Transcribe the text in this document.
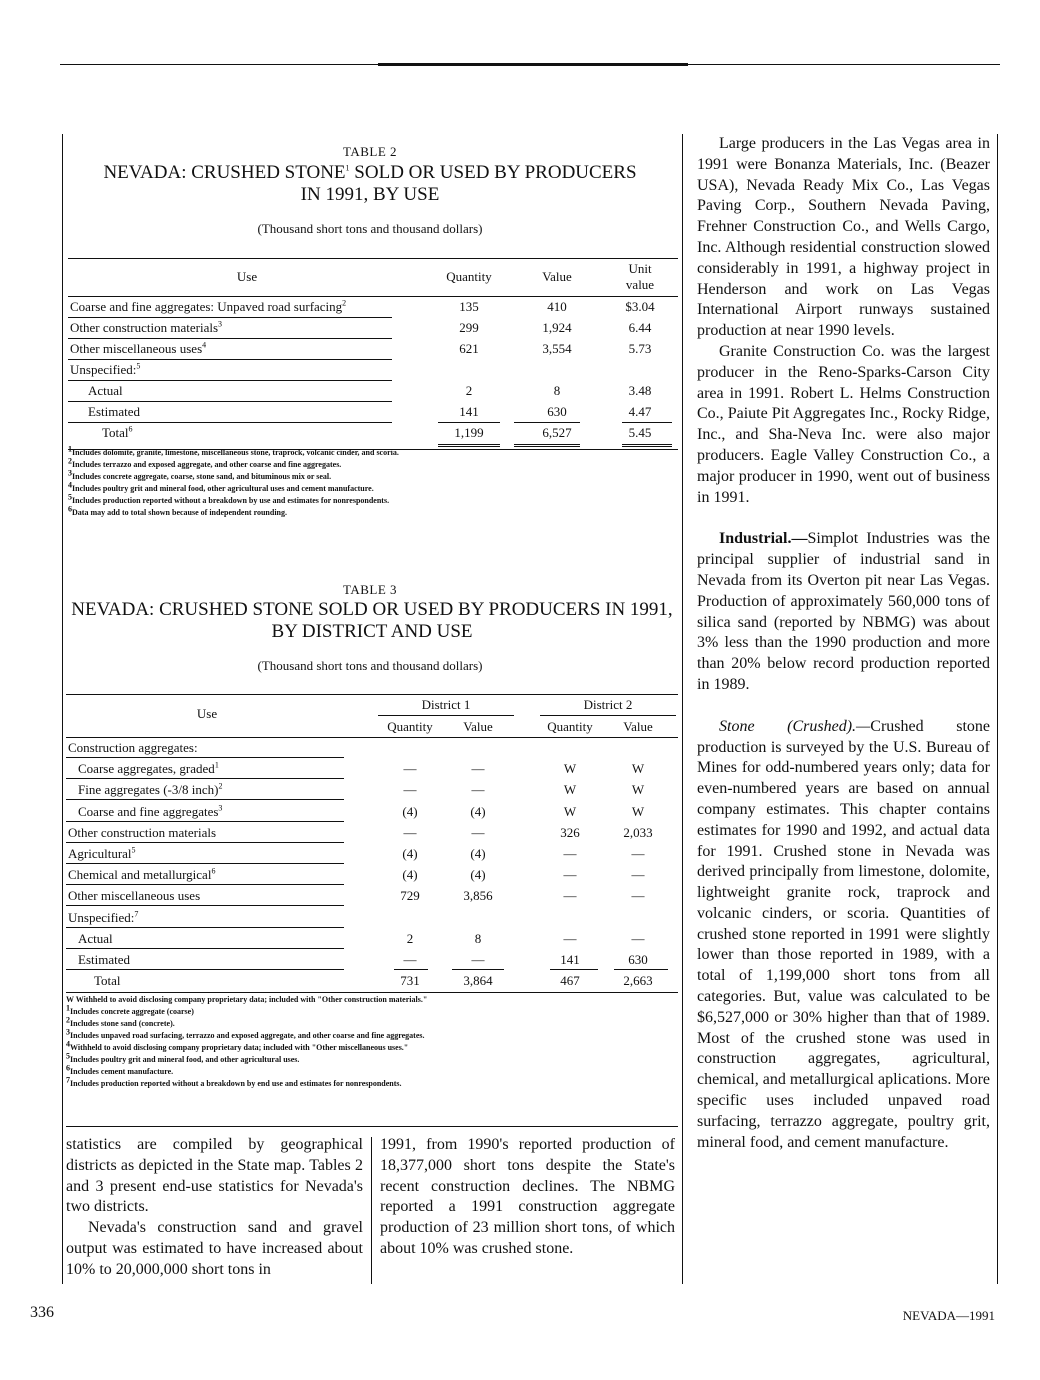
TABLE 2
NEVADA: CRUSHED STONE$^1$ SOLD OR USED BY PRODUCERS
IN 1991, BY USE
(Thousand short tons and thousand dollars)
Use	Quantity	Value	Unit
value
Coarse and fine aggregates: Unpaved road surfacing$^2$	135	410	$3.04
Other construction materials$^3$	299	1,924	6.44
Other miscellaneous uses$^4$	621	3,554	5.73
Unspecified:$^5$
Actual	2	8	3.48
Estimated	141	630	4.47
Total$^6$	1,199	6,527	5.45
$^1$Includes dolomite, granite, limestone, miscellaneous stone, traprock, volcanic cinder, and scoria.
$^2$Includes terrazzo and exposed aggregate, and other coarse and fine aggregates.
$^3$Includes concrete aggregate, coarse, stone sand, and bituminous mix or seal.
$^4$Includes poultry grit and mineral food, other agricultural uses and cement manufacture.
$^5$Includes production reported without a breakdown by use and estimates for nonrespondents.
$^6$Data may add to total shown because of independent rounding.
TABLE 3
NEVADA: CRUSHED STONE SOLD OR USED BY PRODUCERS IN 1991,
BY DISTRICT AND USE
(Thousand short tons and thousand dollars)
Use
District 1	District 2
Quantity	Value	Quantity	Value
Construction aggregates:
Coarse aggregates, graded$^1$	—	—	W	W
Fine aggregates (-3/8 inch)$^2$	—	—	W	W
Coarse and fine aggregates$^3$	(4)	(4)	W	W
Other construction materials	—	—	326	2,033
Agricultural$^5$	(4)	(4)	—	—
Chemical and metallurgical$^6$	(4)	(4)	—	—
Other miscellaneous uses	729	3,856	—	—
Unspecified:$^7$
Actual	2	8	—	—
Estimated	—	—	141	630
Total	731	3,864	467	2,663
W Withheld to avoid disclosing company proprietary data; included with "Other construction materials."
$^1$Includes concrete aggregate (coarse)
$^2$Includes stone sand (concrete).
$^3$Includes unpaved road surfacing, terrazzo and exposed aggregate, and other coarse and fine aggregates.
$^4$Withheld to avoid disclosing company proprietary data; included with "Other miscellaneous uses."
$^5$Includes poultry grit and mineral food, and other agricultural uses.
$^6$Includes cement manufacture.
$^7$Includes production reported without a breakdown by end use and estimates for nonrespondents.

Large producers in the Las Vegas area in 1991 were Bonanza Materials, Inc. (Beazer USA), Nevada Ready Mix Co., Las Vegas Paving Corp., Southern Nevada Paving, Frehner Construction Co., and Wells Cargo, Inc. Although residential construction slowed considerably in 1991, a highway project in Henderson and work on Las Vegas International Airport runways sustained production at near 1990 levels.

Granite Construction Co. was the largest producer in the Reno-Sparks-Carson City area in 1991. Robert L. Helms Construction Co., Paiute Pit Aggregates Inc., Rocky Ridge, Inc., and Sha-Neva Inc. were also major producers. Eagle Valley Construction Co., a major producer in 1990, went out of business in 1991.

Industrial.—Simplot Industries was the principal supplier of industrial sand in Nevada from its Overton pit near Las Vegas. Production of approximately 560,000 tons of silica sand (reported by NBMG) was about 3% less than the 1990 production and more than 20% below record production reported in 1989.

Stone (Crushed).—Crushed stone production is surveyed by the U.S. Bureau of Mines for odd-numbered years only; data for even-numbered years are based on annual company estimates. This chapter contains estimates for 1990 and 1992, and actual data for 1991. Crushed stone in Nevada was derived principally from limestone, dolomite, lightweight granite rock, traprock and volcanic cinders, or scoria. Quantities of crushed stone reported in 1991 were slightly lower than those reported in 1989, with a total of 1,199,000 short tons from all categories. But, value was calculated to be $6,527,000 or 30% higher than that of 1989. Most of the crushed stone was used in construction aggregates, agricultural, chemical, and metallurgical aplications. More specific uses included unpaved road surfacing, terrazzo aggregate, poultry grit, mineral food, and cement manufacture.

statistics are compiled by geographical districts as depicted in the State map. Tables 2 and 3 present end-use statistics for Nevada's two districts.

Nevada's construction sand and gravel output was estimated to have increased about 10% to 20,000,000 short tons in

1991, from 1990's reported production of 18,377,000 short tons despite the State's recent construction declines. The NBMG reported a 1991 construction aggregate production of 23 million short tons, of which about 10% was crushed stone.

336	NEVADA—1991
